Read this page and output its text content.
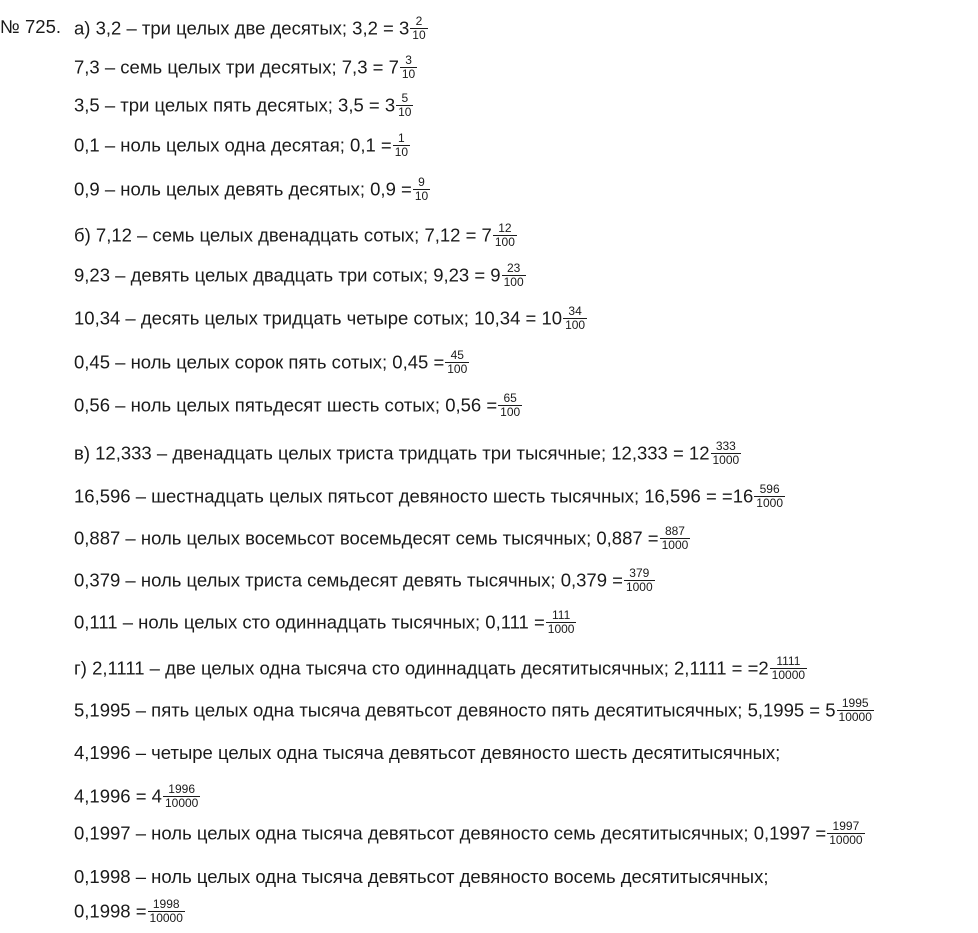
№ 725. а) 3,2 – три целых две десятых; $3,2 = 3 \frac{2}{10}$
7,3 – семь целых три десятых; $7,3 = 7 \frac{3}{10}$
3,5 – три целых пять десятых; $3,5 = 3 \frac{5}{10}$
0,1 – ноль целых одна десятая; $0,1 = \frac{1}{10}$
0,9 – ноль целых девять десятых; $0,9 = \frac{9}{10}$
б) 7,12 – семь целых двенадцать сотых; $7,12 = 7 \frac{12}{100}$
9,23 – девять целых двадцать три сотых; $9,23 = 9 \frac{23}{100}$
10,34 – десять целых тридцать четыре сотых; $10,34 = 10 \frac{34}{100}$
0,45 – ноль целых сорок пять сотых; $0,45 = \frac{45}{100}$
0,56 – ноль целых пятьдесят шесть сотых; $0,56 = \frac{65}{100}$
в) 12,333 – двенадцать целых триста тридцать три тысячные; $12,333 = 12 \frac{333}{1000}$
16,596 – шестнадцать целых пятьсот девяносто шесть тысячных; $16,596 = =16 \frac{596}{1000}$
0,887 – ноль целых восемьсот восемьдесят семь тысячных; $0,887 = \frac{887}{1000}$
0,379 – ноль целых триста семьдесят девять тысячных; $0,379 = \frac{379}{1000}$
0,111 – ноль целых сто одиннадцать тысячных; $0,111 = \frac{111}{1000}$
г) 2,1111 – две целых одна тысяча сто одиннадцать десятитысячных; $2,1111 = =2 \frac{1111}{10000}$
5,1995 – пять целых одна тысяча девятьсот девяносто пять десятитысячных; $5,1995 = 5 \frac{1995}{10000}$
4,1996 – четыре целых одна тысяча девятьсот девяносто шесть десятитысячных;
$4,1996 = 4 \frac{1996}{10000}$
0,1997 – ноль целых одна тысяча девятьсот девяносто семь десятитысячных; $0,1997 = \frac{1997}{10000}$
0,1998 – ноль целых одна тысяча девятьсот девяносто восемь десятитысячных;
$0,1998 = \frac{1998}{10000}$
